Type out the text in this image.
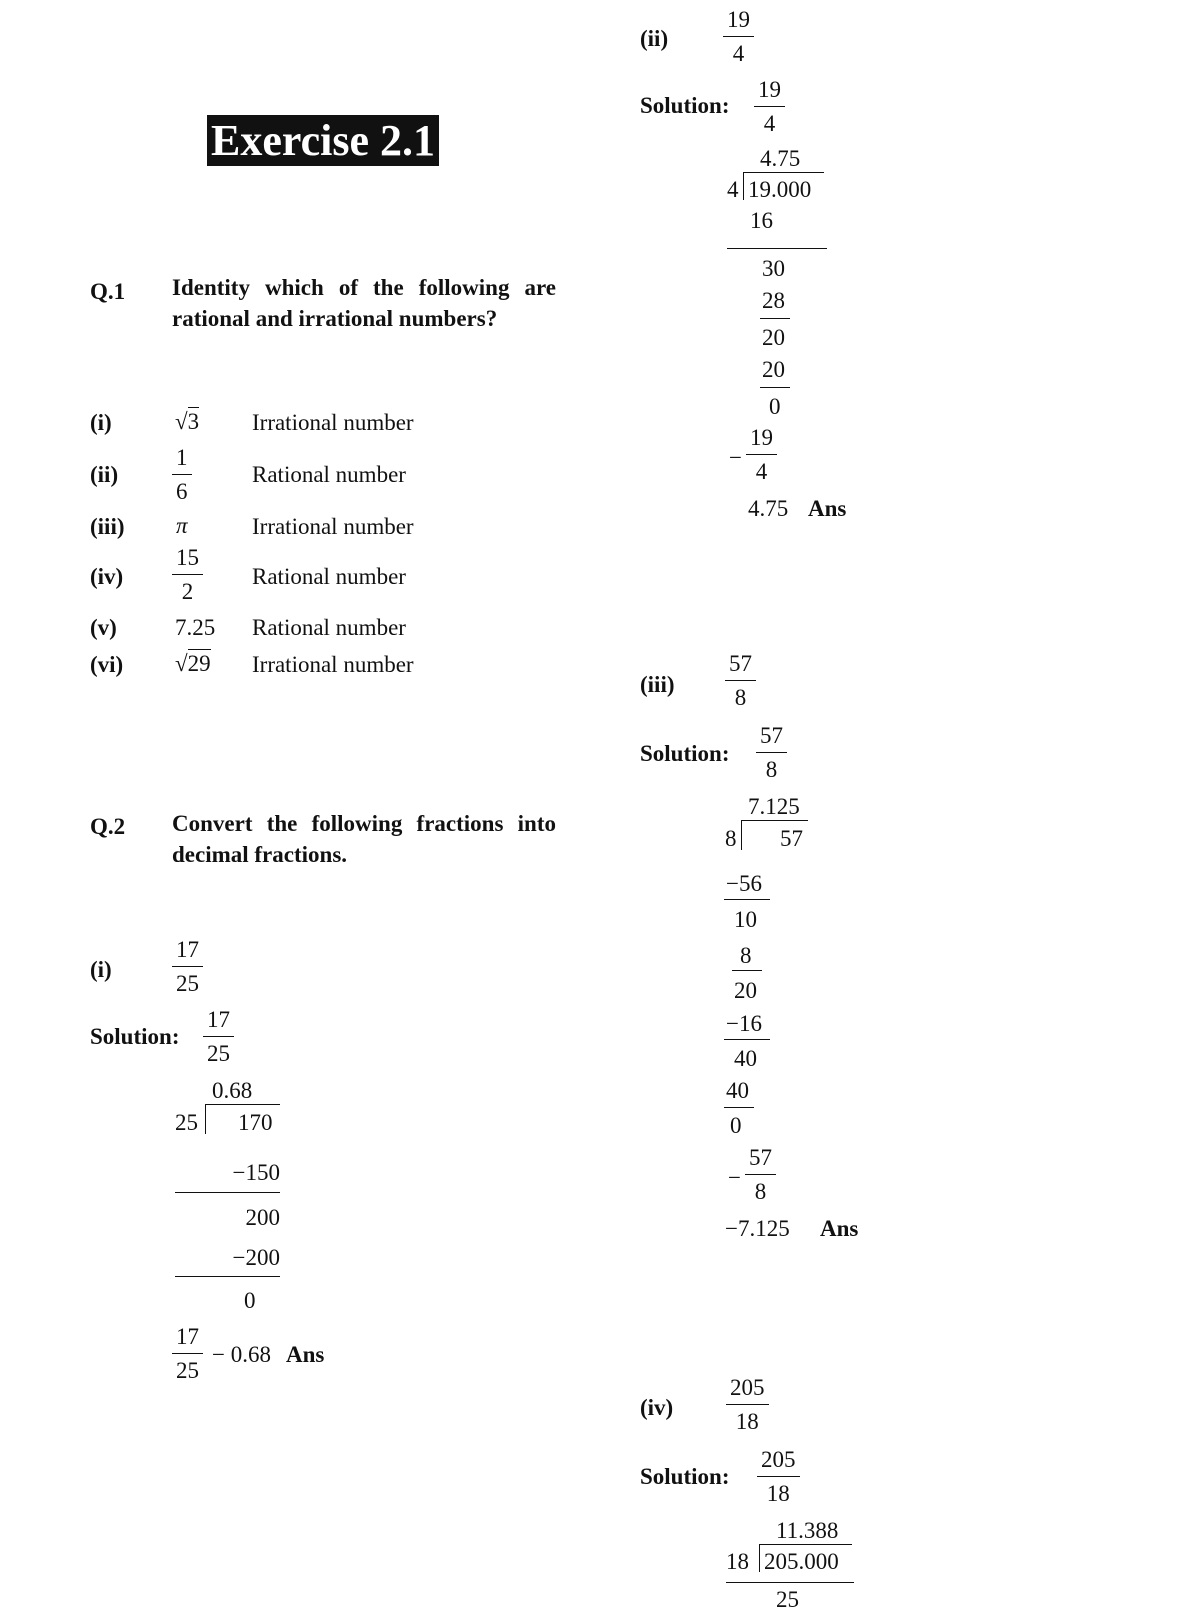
Exercise 2.1
Q.1 Identity which of the following are rational and irrational numbers?
(i)	√3 Irrational number
(ii)
1
6
Rational number
(iii) π	Irrational number
(iv)
15
2
Rational number
(v)	7.25 Rational number
(vi) √29 Irrational number
Q.2 Convert the following fractions into decimal fractions.
(i)
17
25
Solution:
17
25
0.68
25 170
−150
200
−200
0
17
25
− 0.68 Ans
(ii)
19
4
Solution:
19
4
4.75
4 19.000
16
30
28
20
20
0
−
19
4
4.75 Ans
(iii)
57
8
Solution:
57
8
7.125
8 57
−56
10
8
20
−16
40
40
0
−
57
8
−7.125 Ans
(iv)
205
18
Solution:
205
18
11.388
18 205.000
25
